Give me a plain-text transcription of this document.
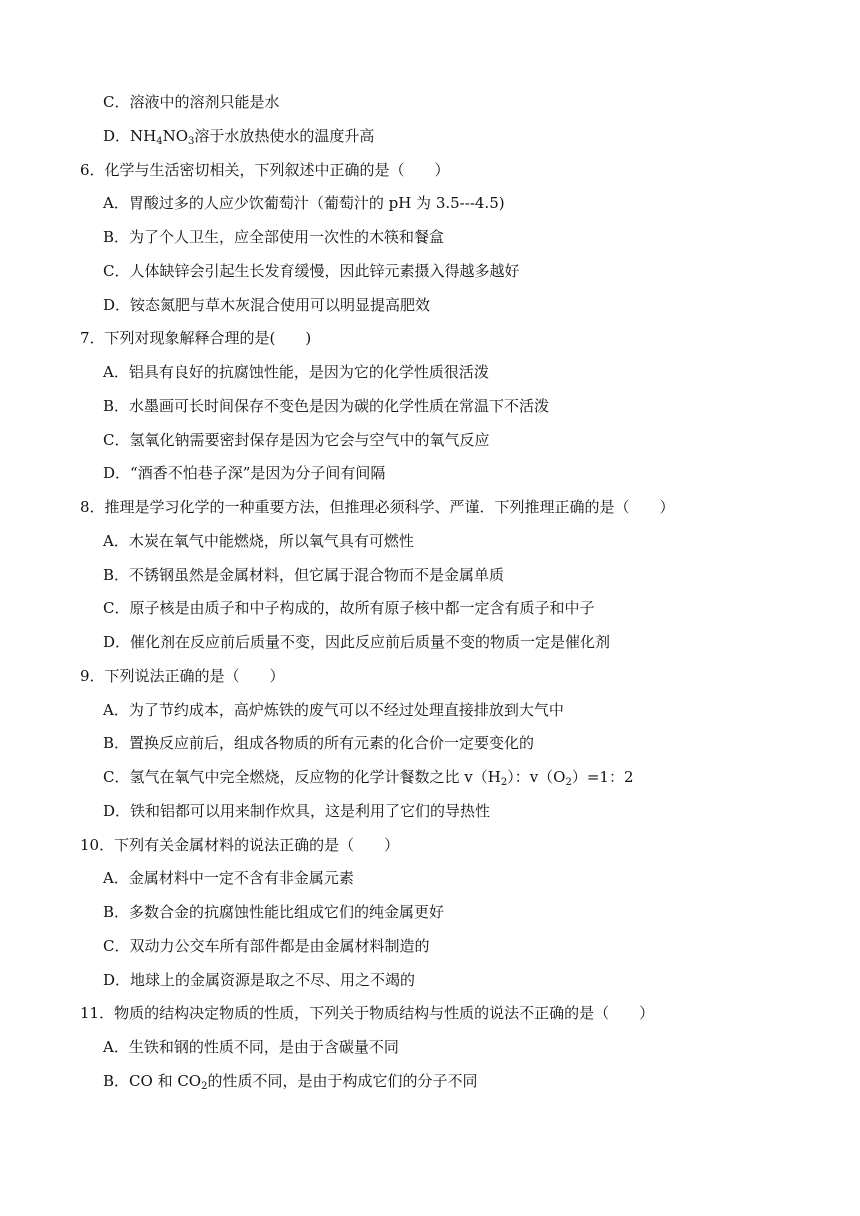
C．溶液中的溶剂只能是水
D．$NH_4NO_3$溶于水放热使水的温度升高
6．化学与生活密切相关，下列叙述中正确的是（　　）
A．胃酸过多的人应少饮葡萄汁（葡萄汁的 pH 为 3.5---4.5)
B．为了个人卫生，应全部使用一次性的木筷和餐盒
C．人体缺锌会引起生长发育缓慢，因此锌元素摄入得越多越好
D．铵态氮肥与草木灰混合使用可以明显提高肥效
7．下列对现象解释合理的是(　　)
A．铝具有良好的抗腐蚀性能，是因为它的化学性质很活泼
B．水墨画可长时间保存不变色是因为碳的化学性质在常温下不活泼
C．氢氧化钠需要密封保存是因为它会与空气中的氧气反应
D．“酒香不怕巷子深”是因为分子间有间隔
8．推理是学习化学的一种重要方法，但推理必须科学、严谨．下列推理正确的是（　　）
A．木炭在氧气中能燃烧，所以氧气具有可燃性
B．不锈钢虽然是金属材料，但它属于混合物而不是金属单质
C．原子核是由质子和中子构成的，故所有原子核中都一定含有质子和中子
D．催化剂在反应前后质量不变，因此反应前后质量不变的物质一定是催化剂
9．下列说法正确的是（　　）
A．为了节约成本，高炉炼铁的废气可以不经过处理直接排放到大气中
B．置换反应前后，组成各物质的所有元素的化合价一定要变化的
C．氢气在氧气中完全燃烧，反应物的化学计餐数之比 $v(H_2)$：$v(O_2)=1$：2
D．铁和铝都可以用来制作炊具，这是利用了它们的导热性
10．下列有关金属材料的说法正确的是（　　）
A．金属材料中一定不含有非金属元素
B．多数合金的抗腐蚀性能比组成它们的纯金属更好
C．双动力公交车所有部件都是由金属材料制造的
D．地球上的金属资源是取之不尽、用之不竭的
11．物质的结构决定物质的性质，下列关于物质结构与性质的说法不正确的是（　　）
A．生铁和钢的性质不同，是由于含碳量不同
B．CO 和 $CO_2$的性质不同，是由于构成它们的分子不同
